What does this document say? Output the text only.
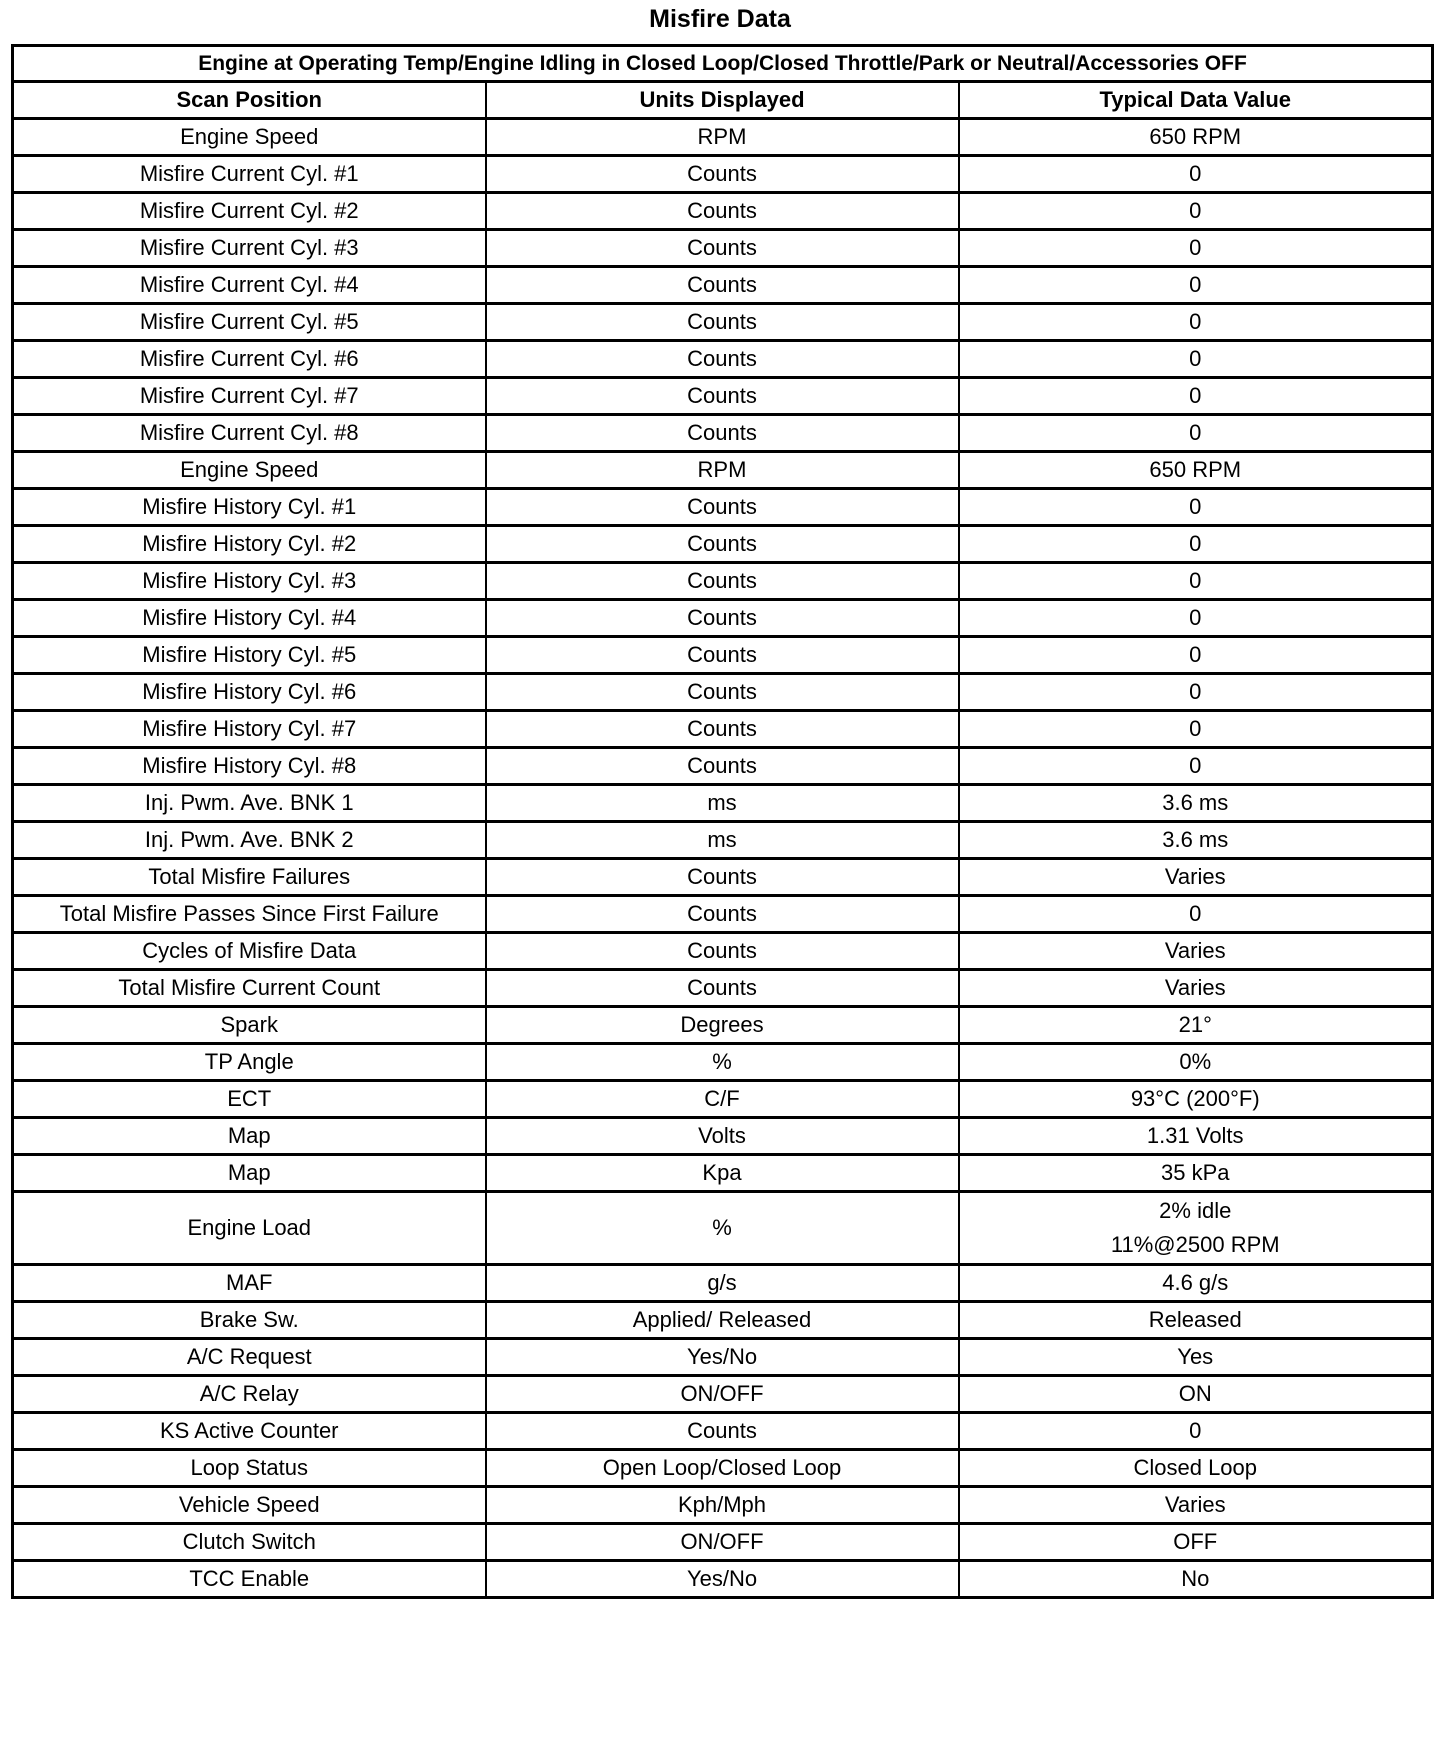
Misfire Data
Engine at Operating Temp/Engine Idling in Closed Loop/Closed Throttle/Park or Neutral/Accessories OFF		
Scan Position	Units Displayed	Typical Data Value
Engine Speed	RPM	650 RPM
Misfire Current Cyl. #1	Counts	0
Misfire Current Cyl. #2	Counts	0
Misfire Current Cyl. #3	Counts	0
Misfire Current Cyl. #4	Counts	0
Misfire Current Cyl. #5	Counts	0
Misfire Current Cyl. #6	Counts	0
Misfire Current Cyl. #7	Counts	0
Misfire Current Cyl. #8	Counts	0
Engine Speed	RPM	650 RPM
Misfire History Cyl. #1	Counts	0
Misfire History Cyl. #2	Counts	0
Misfire History Cyl. #3	Counts	0
Misfire History Cyl. #4	Counts	0
Misfire History Cyl. #5	Counts	0
Misfire History Cyl. #6	Counts	0
Misfire History Cyl. #7	Counts	0
Misfire History Cyl. #8	Counts	0
Inj. Pwm. Ave. BNK 1	ms	3.6 ms
Inj. Pwm. Ave. BNK 2	ms	3.6 ms
Total Misfire Failures	Counts	Varies
Total Misfire Passes Since First Failure	Counts	0
Cycles of Misfire Data	Counts	Varies
Total Misfire Current Count	Counts	Varies
Spark	Degrees	21°
TP Angle	%	0%
ECT	C/F	93°C (200°F)
Map	Volts	1.31 Volts
Map	Kpa	35 kPa
Engine Load	%	2% idle
11%@2500 RPM

MAF	g/s	4.6 g/s
Brake Sw.	Applied/ Released	Released
A/C Request	Yes/No	Yes
A/C Relay	ON/OFF	ON
KS Active Counter	Counts	0
Loop Status	Open Loop/Closed Loop	Closed Loop
Vehicle Speed	Kph/Mph	Varies
Clutch Switch	ON/OFF	OFF
TCC Enable	Yes/No	No
